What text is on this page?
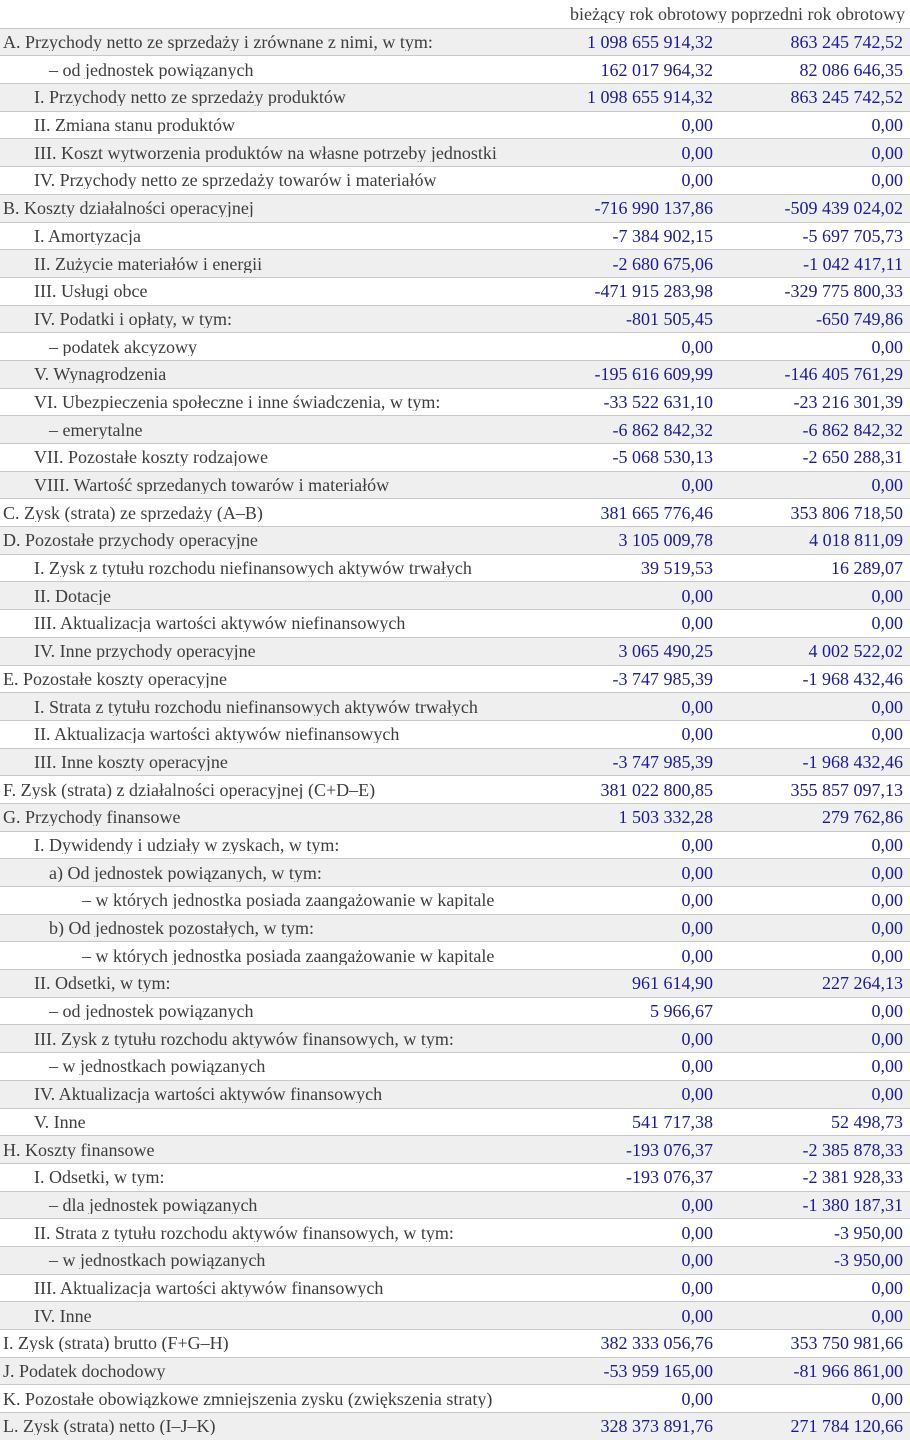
bieżący rok obrotowy poprzedni rok obrotowy
A. Przychody netto ze sprzedaży i zrównane z nimi, w tym:	1 098 655 914,32	863 245 742,52
– od jednostek powiązanych	162 017 964,32	82 086 646,35
I. Przychody netto ze sprzedaży produktów	1 098 655 914,32	863 245 742,52
II. Zmiana stanu produktów	0,00	0,00
III. Koszt wytworzenia produktów na własne potrzeby jednostki	0,00	0,00
IV. Przychody netto ze sprzedaży towarów i materiałów	0,00	0,00
B. Koszty działalności operacyjnej	-716 990 137,86	-509 439 024,02
I. Amortyzacja	-7 384 902,15	-5 697 705,73
II. Zużycie materiałów i energii	-2 680 675,06	-1 042 417,11
III. Usługi obce	-471 915 283,98	-329 775 800,33
IV. Podatki i opłaty, w tym:	-801 505,45	-650 749,86
– podatek akcyzowy	0,00	0,00
V. Wynagrodzenia	-195 616 609,99	-146 405 761,29
VI. Ubezpieczenia społeczne i inne świadczenia, w tym:	-33 522 631,10	-23 216 301,39
– emerytalne	-6 862 842,32	-6 862 842,32
VII. Pozostałe koszty rodzajowe	-5 068 530,13	-2 650 288,31
VIII. Wartość sprzedanych towarów i materiałów	0,00	0,00
C. Zysk (strata) ze sprzedaży (A–B)	381 665 776,46	353 806 718,50
D. Pozostałe przychody operacyjne	3 105 009,78	4 018 811,09
I. Zysk z tytułu rozchodu niefinansowych aktywów trwałych	39 519,53	16 289,07
II. Dotacje	0,00	0,00
III. Aktualizacja wartości aktywów niefinansowych	0,00	0,00
IV. Inne przychody operacyjne	3 065 490,25	4 002 522,02
E. Pozostałe koszty operacyjne	-3 747 985,39	-1 968 432,46
I. Strata z tytułu rozchodu niefinansowych aktywów trwałych	0,00	0,00
II. Aktualizacja wartości aktywów niefinansowych	0,00	0,00
III. Inne koszty operacyjne	-3 747 985,39	-1 968 432,46
F. Zysk (strata) z działalności operacyjnej (C+D–E)	381 022 800,85	355 857 097,13
G. Przychody finansowe	1 503 332,28	279 762,86
I. Dywidendy i udziały w zyskach, w tym:	0,00	0,00
a) Od jednostek powiązanych, w tym:	0,00	0,00
– w których jednostka posiada zaangażowanie w kapitale	0,00	0,00
b) Od jednostek pozostałych, w tym:	0,00	0,00
– w których jednostka posiada zaangażowanie w kapitale	0,00	0,00
II. Odsetki, w tym:	961 614,90	227 264,13
– od jednostek powiązanych	5 966,67	0,00
III. Zysk z tytułu rozchodu aktywów finansowych, w tym:	0,00	0,00
– w jednostkach powiązanych	0,00	0,00
IV. Aktualizacja wartości aktywów finansowych	0,00	0,00
V. Inne	541 717,38	52 498,73
H. Koszty finansowe	-193 076,37	-2 385 878,33
I. Odsetki, w tym:	-193 076,37	-2 381 928,33
– dla jednostek powiązanych	0,00	-1 380 187,31
II. Strata z tytułu rozchodu aktywów finansowych, w tym:	0,00	-3 950,00
– w jednostkach powiązanych	0,00	-3 950,00
III. Aktualizacja wartości aktywów finansowych	0,00	0,00
IV. Inne	0,00	0,00
I. Zysk (strata) brutto (F+G–H)	382 333 056,76	353 750 981,66
J. Podatek dochodowy	-53 959 165,00	-81 966 861,00
K. Pozostałe obowiązkowe zmniejszenia zysku (zwiększenia straty)	0,00	0,00
L. Zysk (strata) netto (I–J–K)	328 373 891,76	271 784 120,66
